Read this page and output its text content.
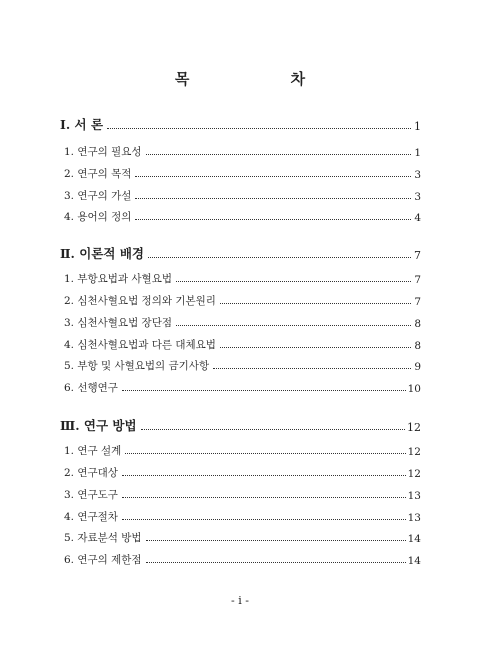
목 차
Ⅰ. 서 론	1
1. 연구의 필요성	1
2. 연구의 목적	3
3. 연구의 가설	3
4. 용어의 정의	4
Ⅱ. 이론적 배경	7
1. 부항요법과 사혈요법	7
2. 심천사혈요법 정의와 기본원리	7
3. 심천사혈요법 장단점	8
4. 심천사혈요법과 다른 대체요법	8
5. 부항 및 사혈요법의 금기사항	9
6. 선행연구	10
Ⅲ. 연구 방법	12
1. 연구 설계	12
2. 연구대상	12
3. 연구도구	13
4. 연구절차	13
5. 자료분석 방법	14
6. 연구의 제한점	14
- i -
